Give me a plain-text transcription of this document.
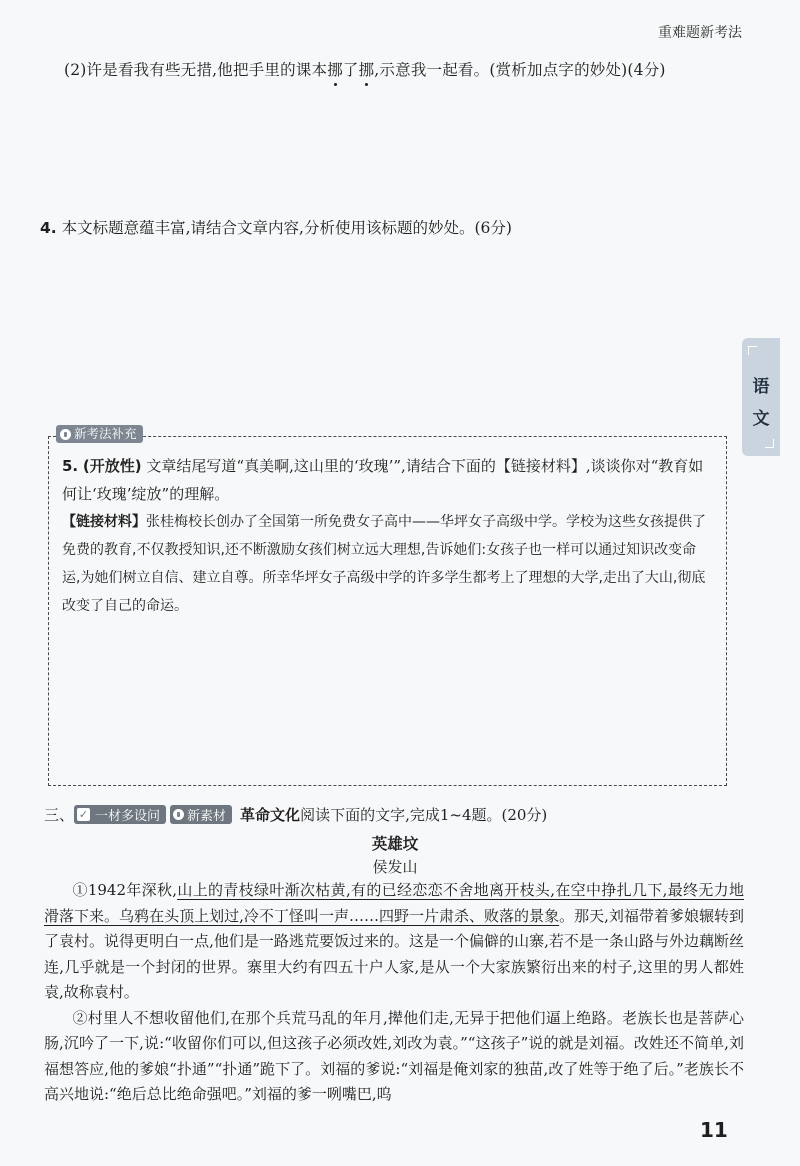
重难题新考法
(2)许是看我有些无措,他把手里的课本挪了挪,示意我一起看。(赏析加点字的妙处)(4分)
4. 本文标题意蕴丰富,请结合文章内容,分析使用该标题的妙处。(6分)
语
文
新考法补充

5. (开放性) 文章结尾写道“真美啊,这山里的‘玫瑰’”,请结合下面的【链接材料】,谈谈你对“教育如何让‘玫瑰’绽放”的理解。

【链接材料】张桂梅校长创办了全国第一所免费女子高中——华坪女子高级中学。学校为这些女孩提供了免费的教育,不仅教授知识,还不断激励女孩们树立远大理想,告诉她们:女孩子也一样可以通过知识改变命运,为她们树立自信、建立自尊。所幸华坪女子高级中学的许多学生都考上了理想的大学,走出了大山,彻底改变了自己的命运。

三、 ✓ 一材多设问 新素材 革命文化 阅读下面的文字,完成1~4题。(20分)
英雄坟
侯发山

①1942年深秋,山上的青枝绿叶渐次枯黄,有的已经恋恋不舍地离开枝头,在空中挣扎几下,最终无力地滑落下来。乌鸦在头顶上划过,冷不丁怪叫一声……四野一片肃杀、败落的景象。那天,刘福带着爹娘辗转到了袁村。说得更明白一点,他们是一路逃荒要饭过来的。这是一个偏僻的山寨,若不是一条山路与外边藕断丝连,几乎就是一个封闭的世界。寨里大约有四五十户人家,是从一个大家族繁衍出来的村子,这里的男人都姓袁,故称袁村。

②村里人不想收留他们,在那个兵荒马乱的年月,撵他们走,无异于把他们逼上绝路。老族长也是菩萨心肠,沉吟了一下,说:“收留你们可以,但这孩子必须改姓,刘改为袁。”“这孩子”说的就是刘福。改姓还不简单,刘福想答应,他的爹娘“扑通”“扑通”跪下了。刘福的爹说:“刘福是俺刘家的独苗,改了姓等于绝了后。”老族长不高兴地说:“绝后总比绝命强吧。”刘福的爹一咧嘴巴,呜

11
